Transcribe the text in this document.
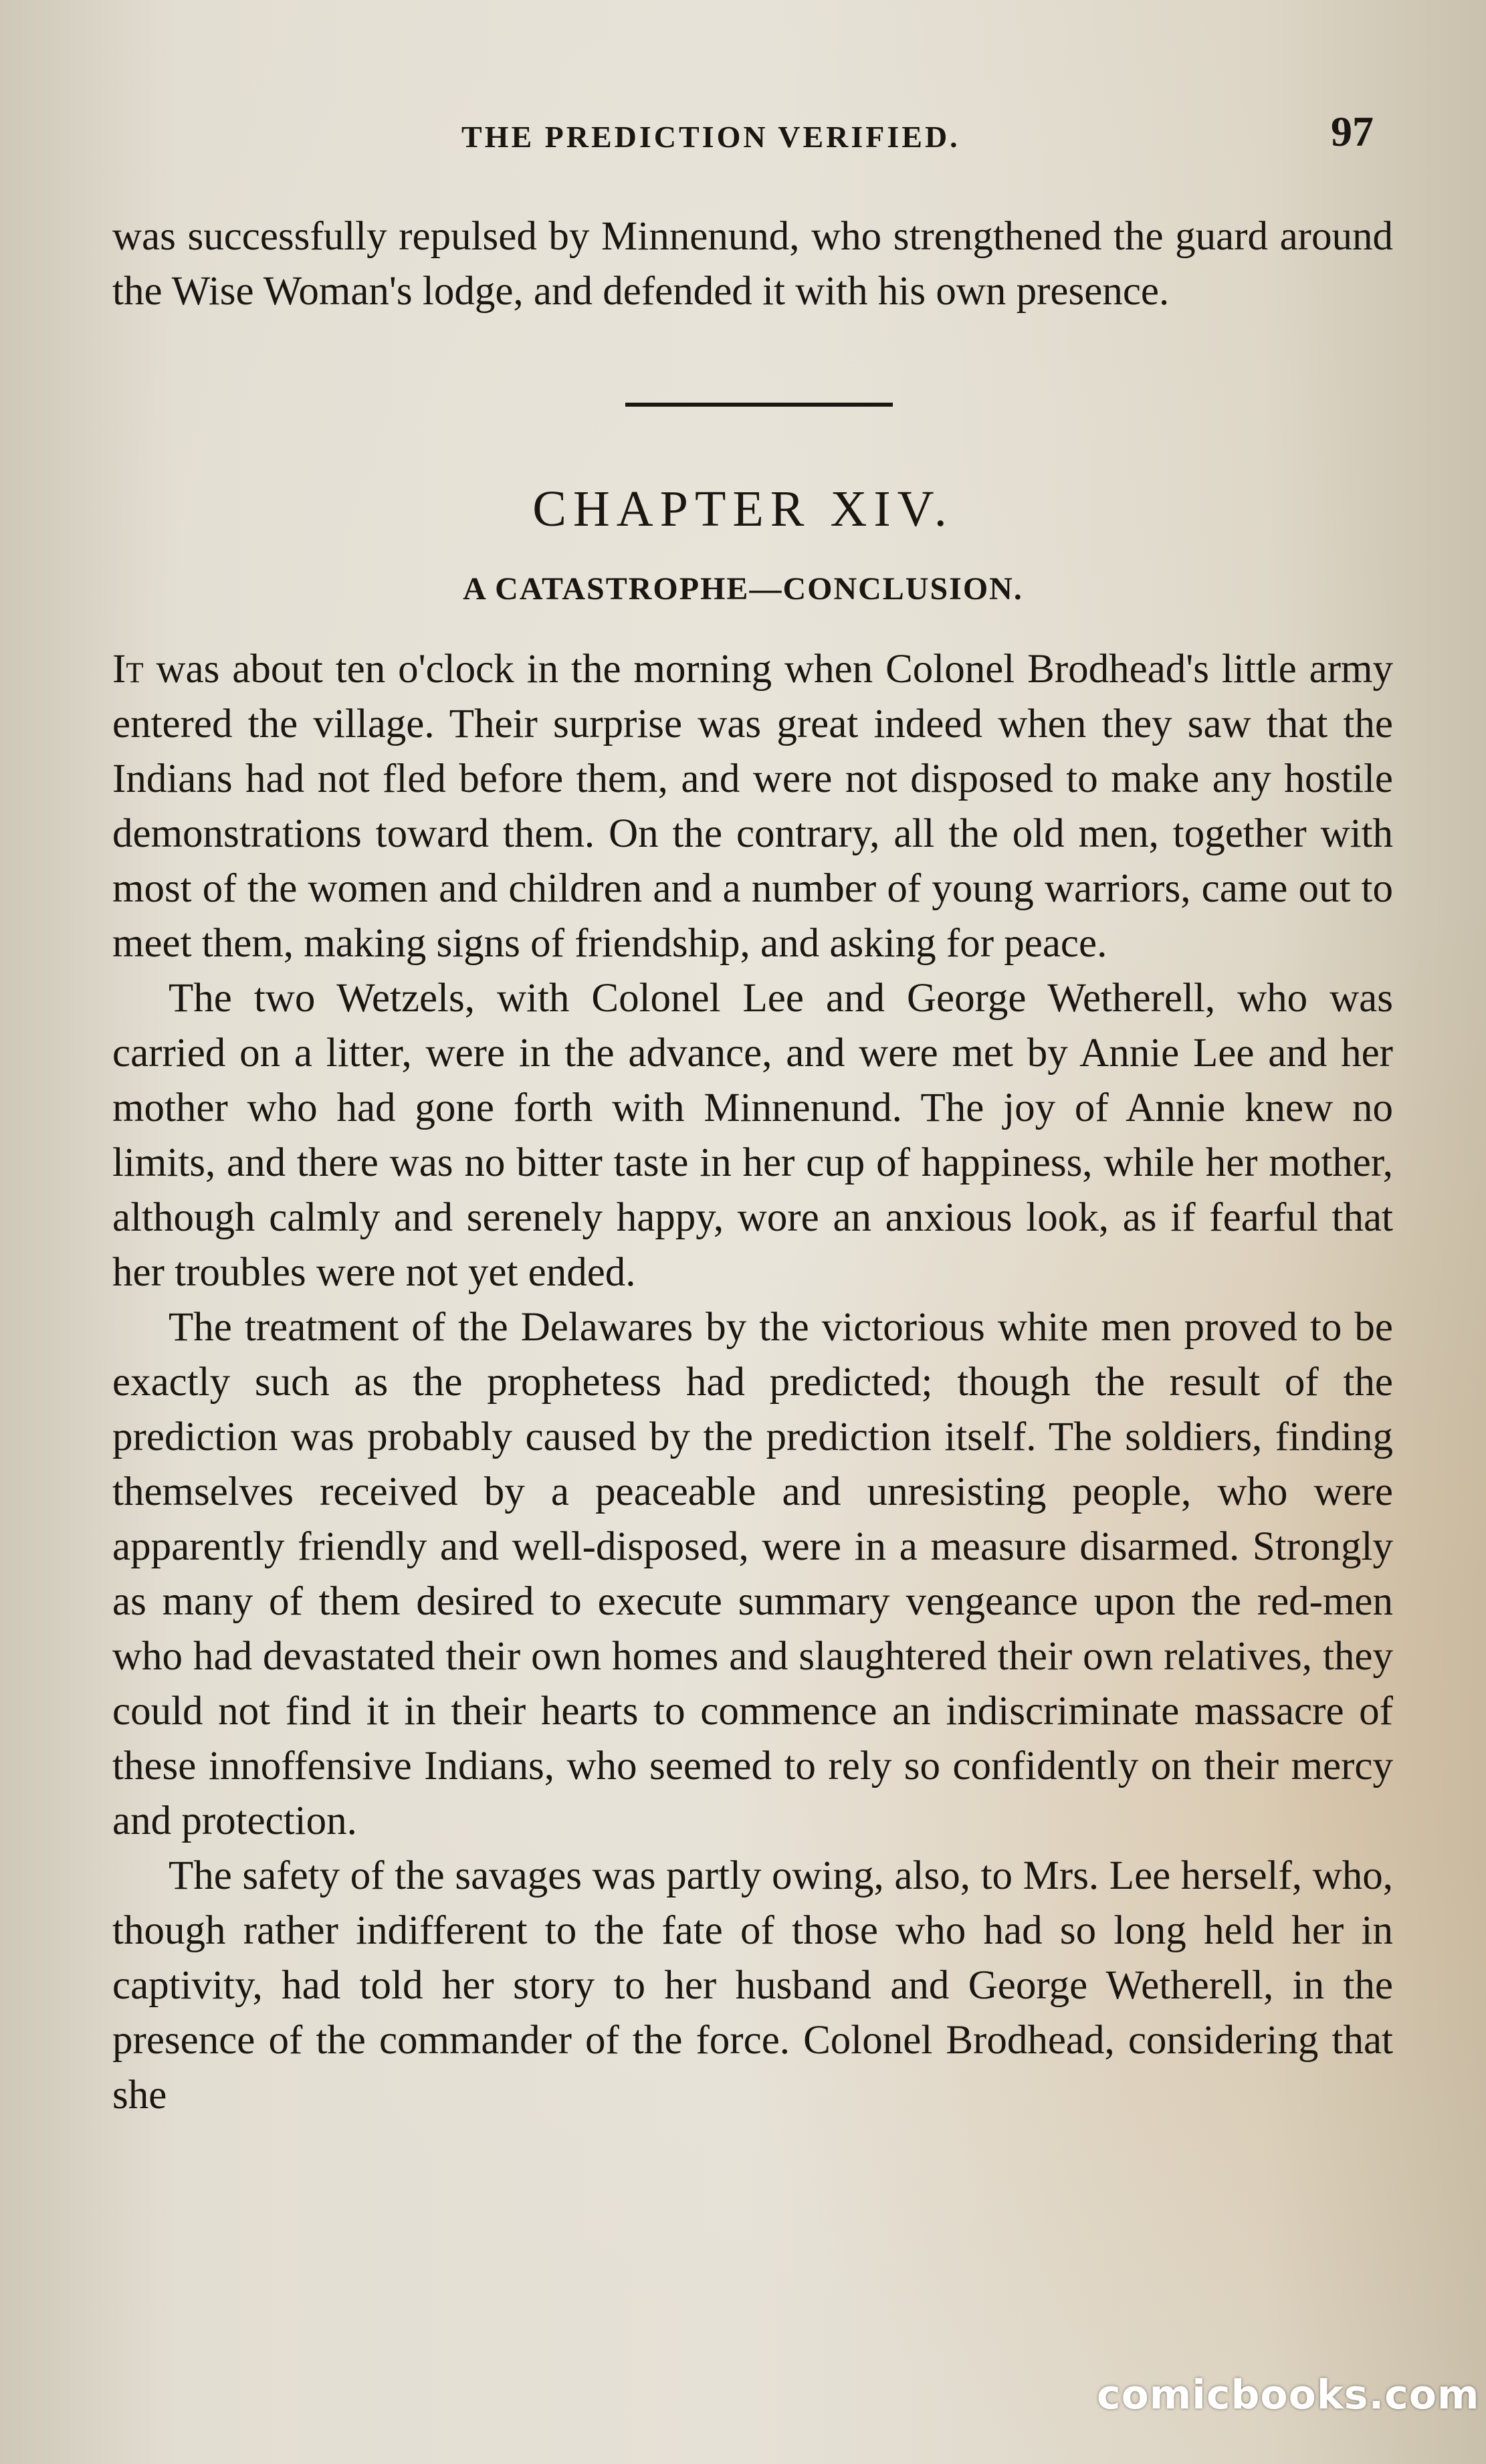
THE PREDICTION VERIFIED.	97

was successfully repulsed by Minnenund, who strengthened the guard around the Wise Woman's lodge, and defended it with his own presence.

CHAPTER XIV.
A CATASTROPHE—CONCLUSION.

It was about ten o'clock in the morning when Colonel Brodhead's little army entered the village. Their surprise was great indeed when they saw that the Indians had not fled before them, and were not disposed to make any hostile demonstrations toward them. On the contrary, all the old men, together with most of the women and children and a number of young warriors, came out to meet them, making signs of friendship, and asking for peace.

The two Wetzels, with Colonel Lee and George Wetherell, who was carried on a litter, were in the advance, and were met by Annie Lee and her mother who had gone forth with Minnenund. The joy of Annie knew no limits, and there was no bitter taste in her cup of happiness, while her mother, although calmly and serenely happy, wore an anxious look, as if fearful that her troubles were not yet ended.

The treatment of the Delawares by the victorious white men proved to be exactly such as the prophetess had predicted; though the result of the prediction was probably caused by the prediction itself. The soldiers, finding themselves received by a peaceable and unresisting people, who were apparently friendly and well-disposed, were in a measure disarmed. Strongly as many of them desired to execute summary vengeance upon the red-men who had devastated their own homes and slaughtered their own relatives, they could not find it in their hearts to commence an indiscriminate massacre of these innoffensive Indians, who seemed to rely so confidently on their mercy and protection.

The safety of the savages was partly owing, also, to Mrs. Lee herself, who, though rather indifferent to the fate of those who had so long held her in captivity, had told her story to her husband and George Wetherell, in the presence of the commander of the force. Colonel Brodhead, considering that she

comicbooks.com
